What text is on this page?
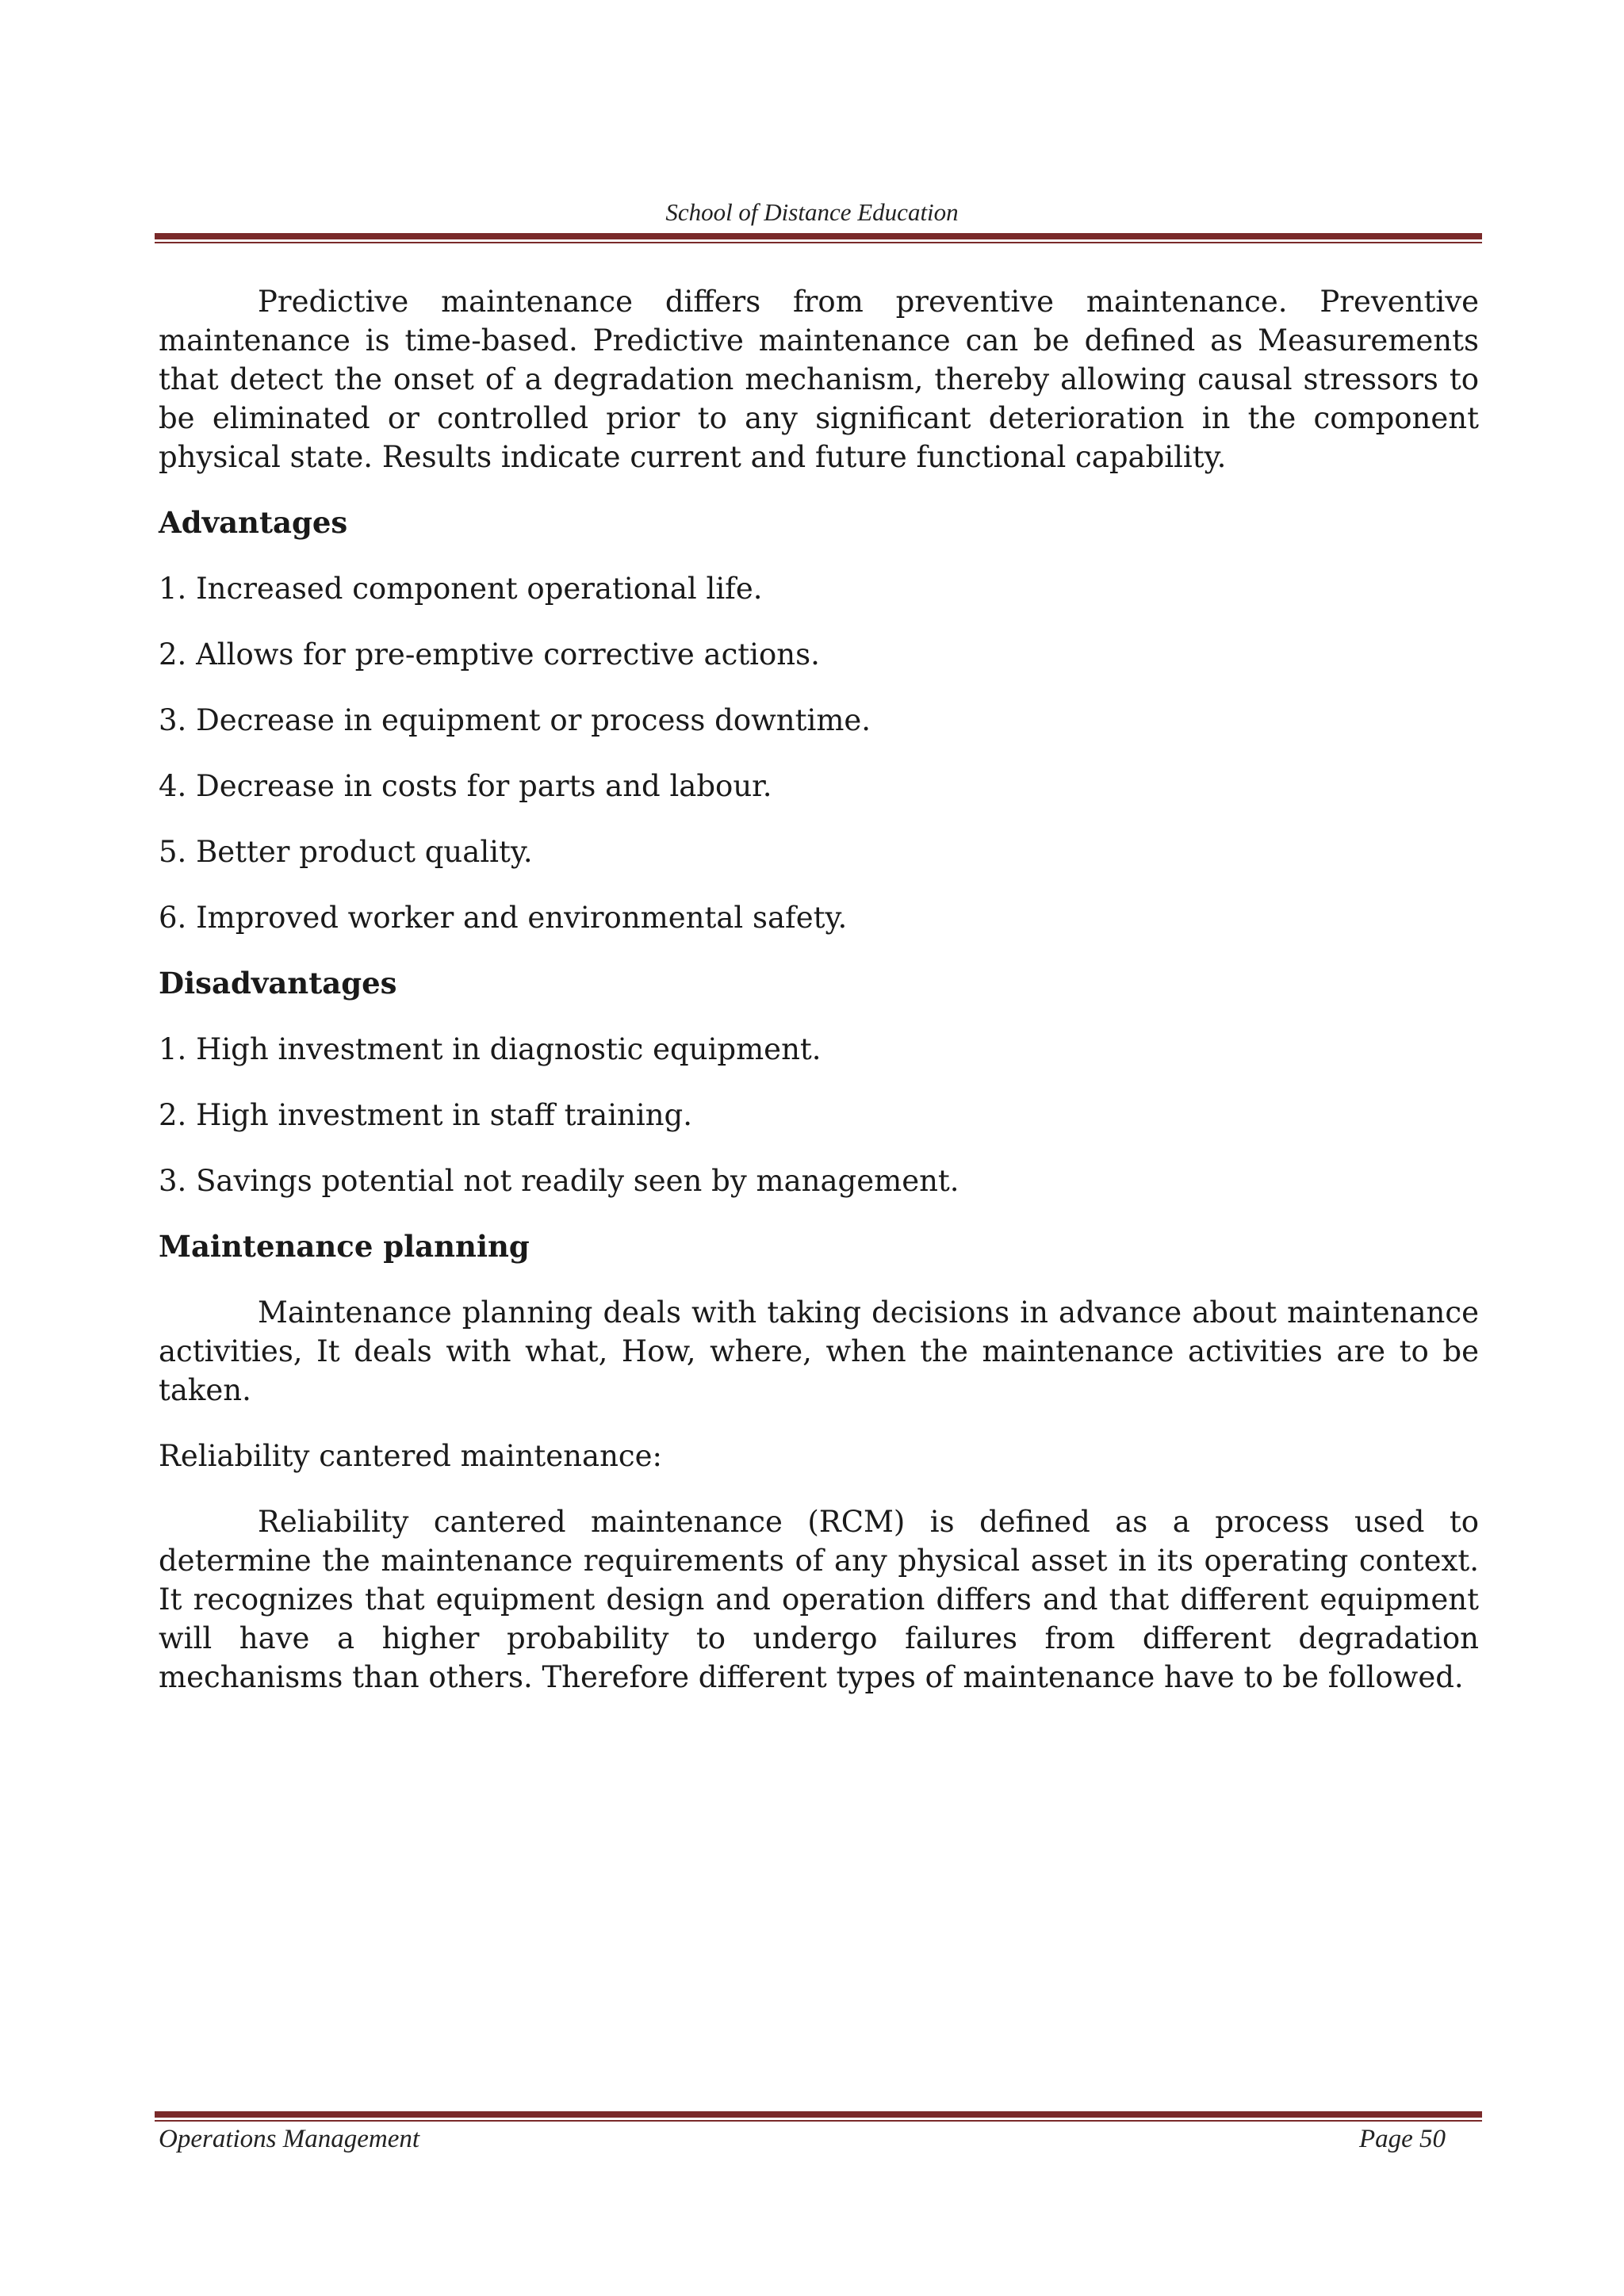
School of Distance Education

Predictive maintenance differs from preventive maintenance. Preventive maintenance is time-based. Predictive maintenance can be defined as Measurements that detect the onset of a degradation mechanism, thereby allowing causal stressors to be eliminated or controlled prior to any significant deterioration in the component physical state. Results indicate current and future functional capability.

Advantages
1. Increased component operational life.
2. Allows for pre-emptive corrective actions.
3. Decrease in equipment or process downtime.
4. Decrease in costs for parts and labour.
5. Better product quality.
6. Improved worker and environmental safety.
Disadvantages
1. High investment in diagnostic equipment.
2. High investment in staff training.
3. Savings potential not readily seen by management.
Maintenance planning

Maintenance planning deals with taking decisions in advance about maintenance activities, It deals with what, How, where, when the maintenance activities are to be taken.

Reliability cantered maintenance:

Reliability cantered maintenance (RCM) is defined as a process used to determine the maintenance requirements of any physical asset in its operating context. It recognizes that equipment design and operation differs and that different equipment will have a higher probability to undergo failures from different degradation mechanisms than others. Therefore different types of maintenance have to be followed.

Operations Management	Page 50
